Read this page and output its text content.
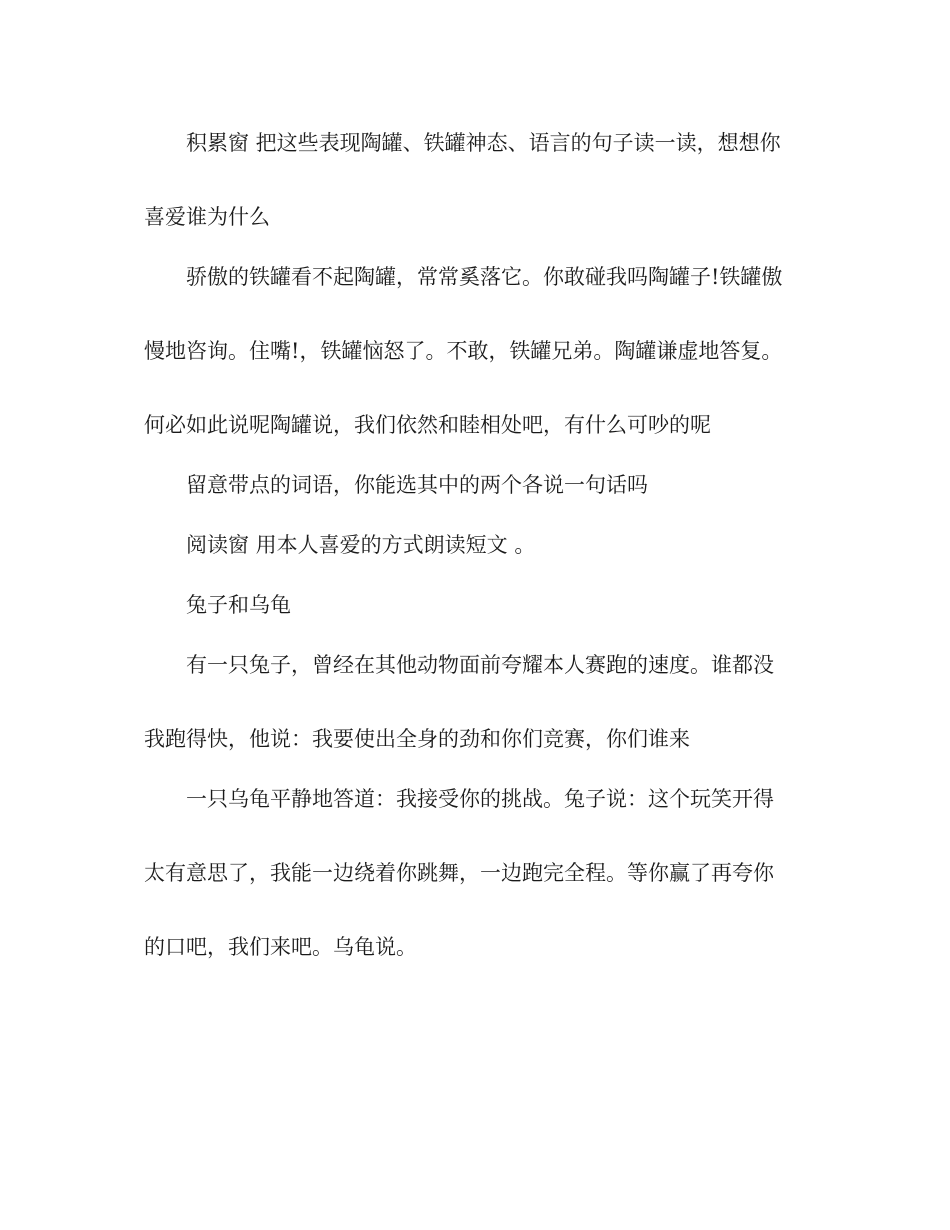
积累窗 把这些表现陶罐、铁罐神态、语言的句子读一读，想想你
喜爱谁为什么

骄傲的铁罐看不起陶罐，常常奚落它。你敢碰我吗陶罐子!铁罐傲
慢地咨询。住嘴!，铁罐恼怒了。不敢，铁罐兄弟。陶罐谦虚地答复。
何必如此说呢陶罐说，我们依然和睦相处吧，有什么可吵的呢

留意带点的词语，你能选其中的两个各说一句话吗

阅读窗 用本人喜爱的方式朗读短文 。

兔子和乌龟

有一只兔子，曾经在其他动物面前夸耀本人赛跑的速度。谁都没
我跑得快，他说：我要使出全身的劲和你们竞赛，你们谁来

一只乌龟平静地答道：我接受你的挑战。兔子说：这个玩笑开得
太有意思了，我能一边绕着你跳舞，一边跑完全程。等你赢了再夸你
的口吧，我们来吧。乌龟说。
